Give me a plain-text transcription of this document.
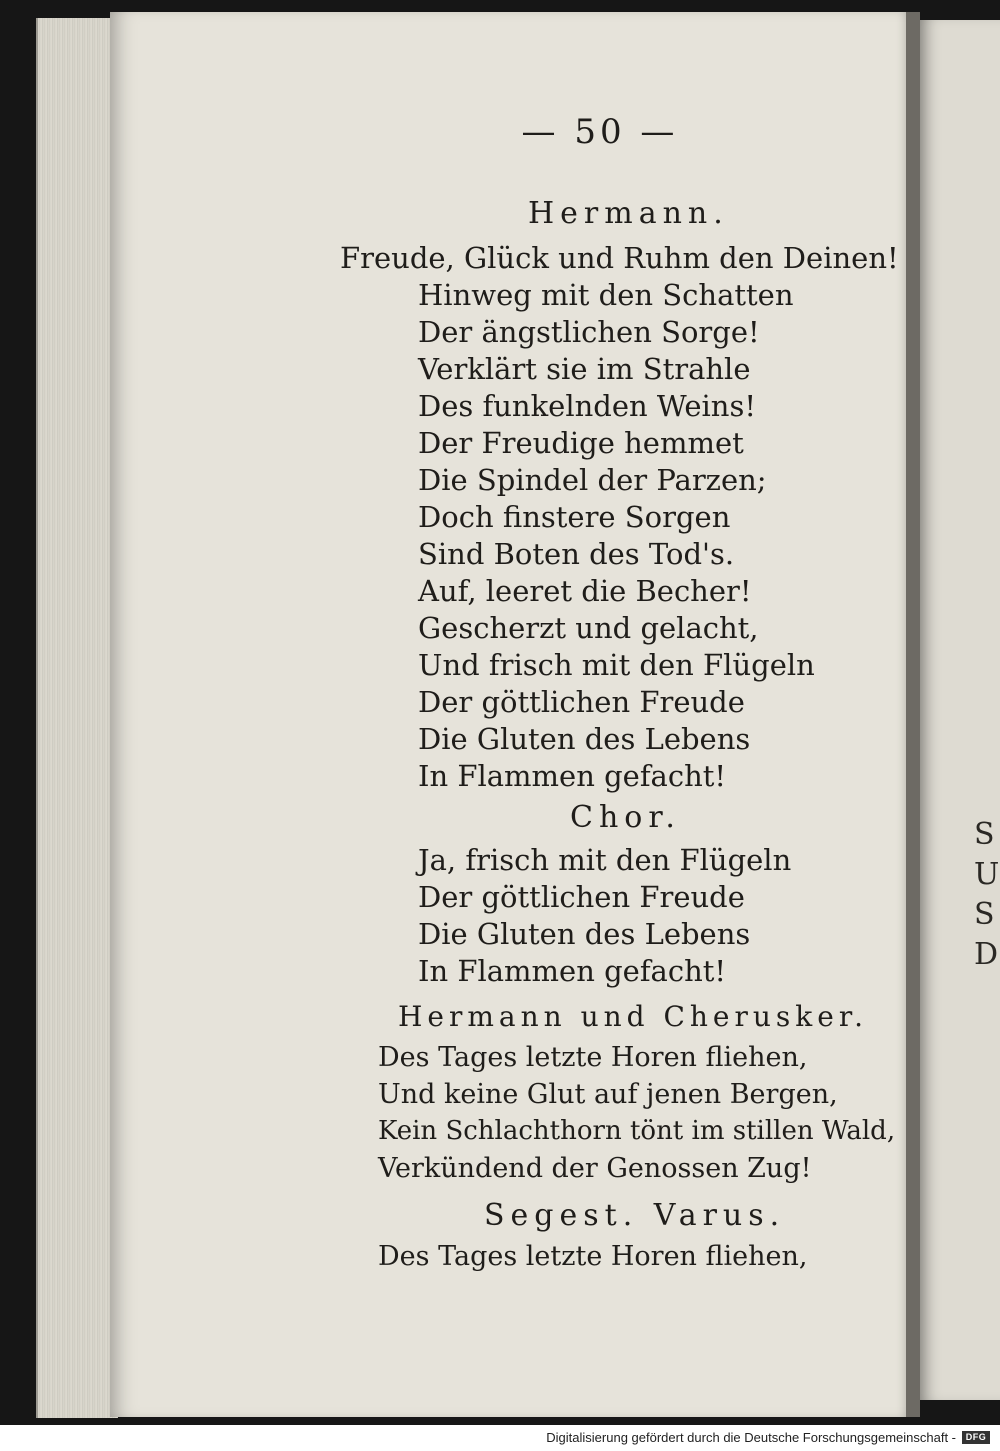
S
U
S
D
— 50 —
Hermann.
Freude, Glück und Ruhm den Deinen!
Hinweg mit den Schatten
Der ängstlichen Sorge!
Verklärt sie im Strahle
Des funkelnden Weins!
Der Freudige hemmet
Die Spindel der Parzen;
Doch finstere Sorgen
Sind Boten des Tod's.
Auf, leeret die Becher!
Gescherzt und gelacht,
Und frisch mit den Flügeln
Der göttlichen Freude
Die Gluten des Lebens
In Flammen gefacht!
Chor.
Ja, frisch mit den Flügeln
Der göttlichen Freude
Die Gluten des Lebens
In Flammen gefacht!
Hermann und Cherusker.
Des Tages letzte Horen fliehen,
Und keine Glut auf jenen Bergen,
Kein Schlachthorn tönt im stillen Wald,
Verkündend der Genossen Zug!
Segest. Varus.
Des Tages letzte Horen fliehen,
Digitalisierung gefördert durch die Deutsche Forschungsgemeinschaft -	DFG
